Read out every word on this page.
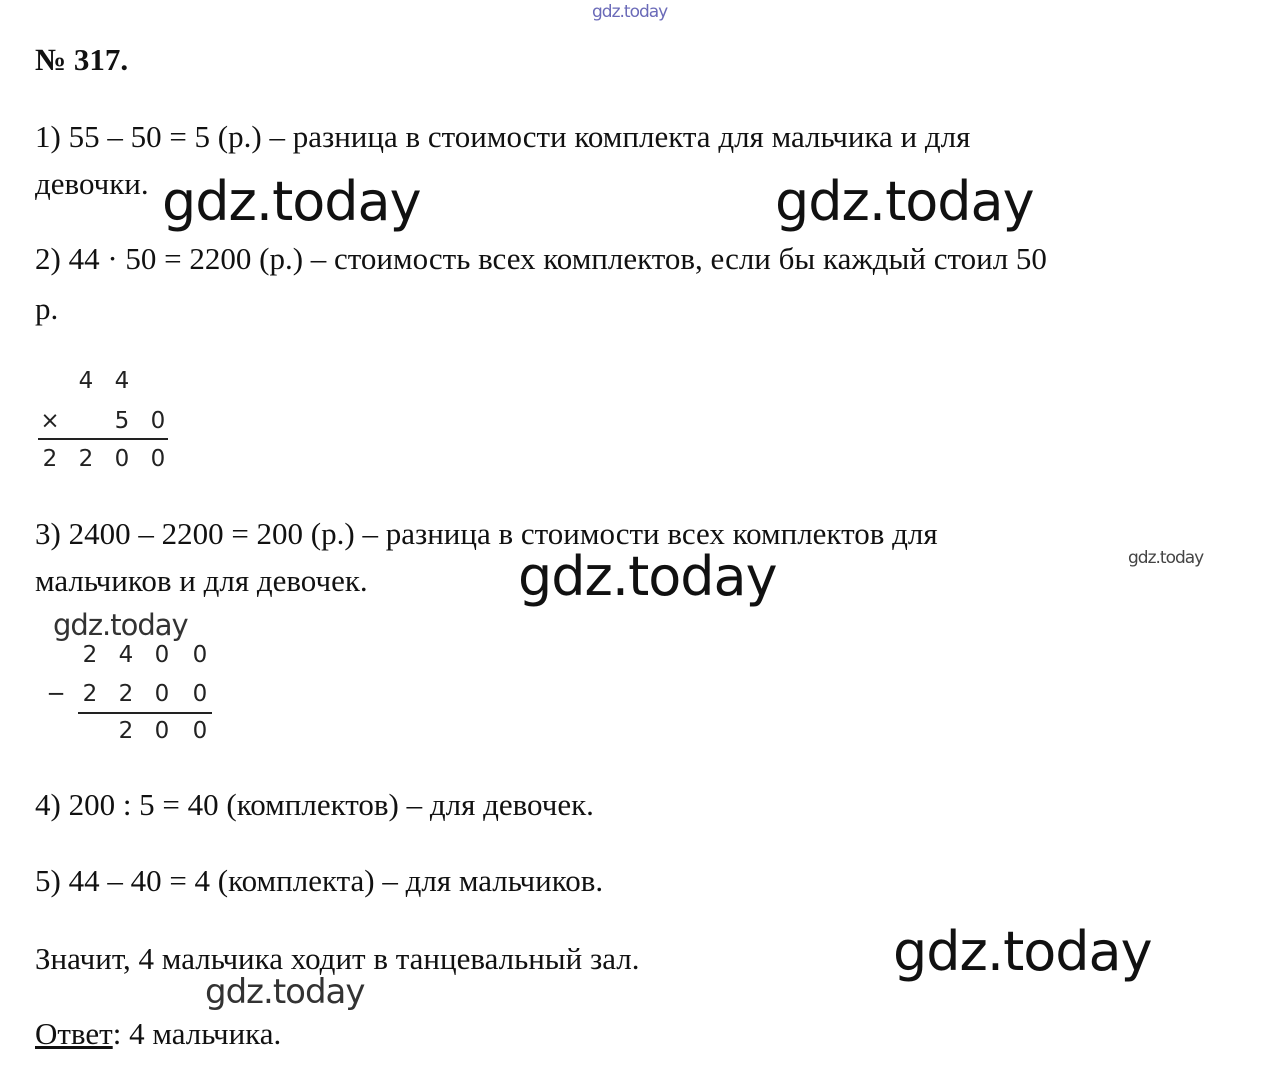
gdz.today
№ 317.
1) 55 – 50 = 5 (р.) – разница в стоимости комплекта для мальчика и для
девочки.
2) 44 · 50 = 2200 (р.) – стоимость всех комплектов, если бы каждый стоил 50
р.
4 4
× 5 0
2 2 0 0
3) 2400 – 2200 = 200 (р.) – разница в стоимости всех комплектов для
мальчиков и для девочек.
2 4 0 0
− 2 2 0 0
2 0 0
4) 200 : 5 = 40 (комплектов) – для девочек.
5) 44 – 40 = 4 (комплекта) – для мальчиков.
Значит, 4 мальчика ходит в танцевальный зал.
Ответ: 4 мальчика.
gdz.today	gdz.today
gdz.today
gdz.today
gdz.today
gdz.today
gdz.today
